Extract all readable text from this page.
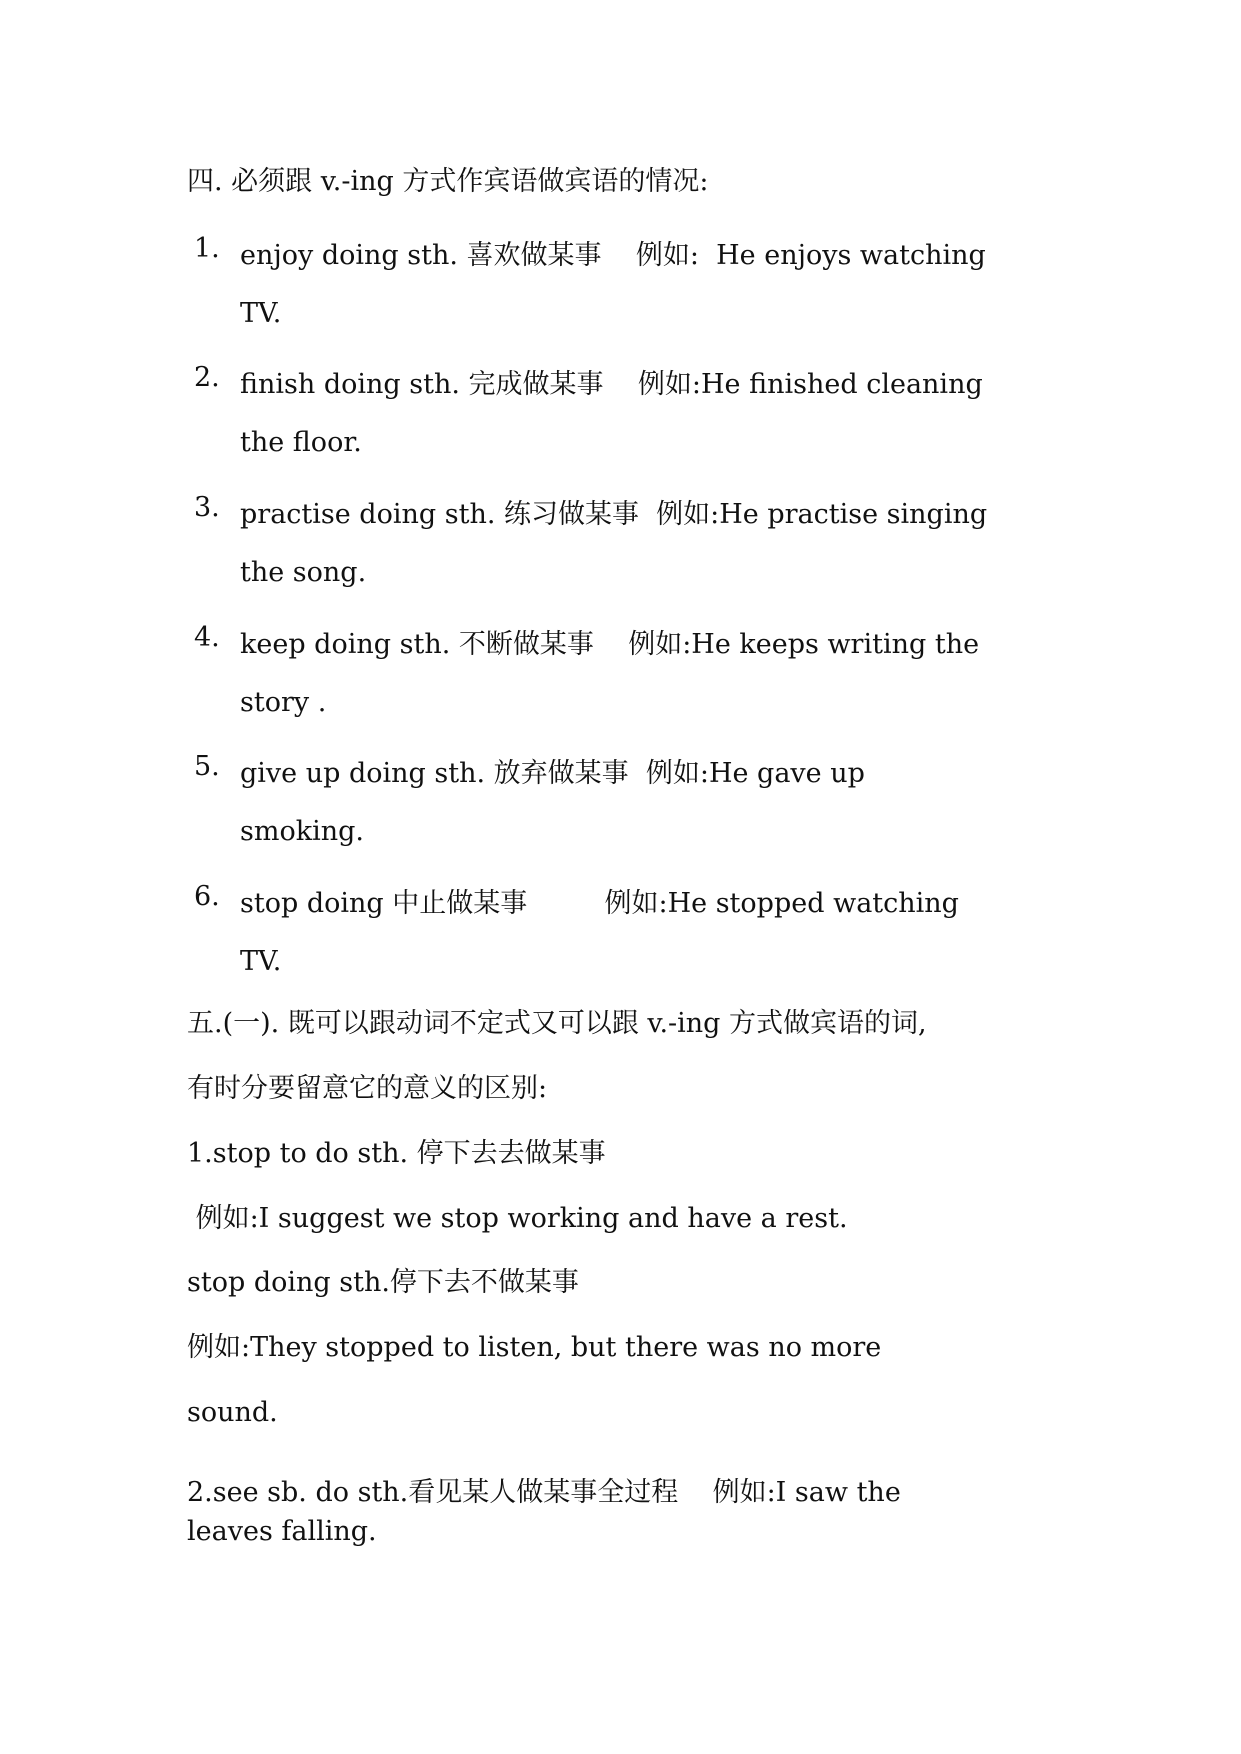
四. 必须跟 v.-ing 方式作宾语做宾语的情况:
1. enjoy doing sth. 喜欢做某事    例如:  He enjoys watching
TV.
2. finish doing sth. 完成做某事    例如:He finished cleaning
the floor.
3. practise doing sth. 练习做某事  例如:He practise singing
the song.
4. keep doing sth. 不断做某事    例如:He keeps writing the
story .
5. give up doing sth. 放弃做某事  例如:He gave up
smoking.
6. stop doing 中止做某事         例如:He stopped watching
TV.
五.(一). 既可以跟动词不定式又可以跟 v.-ing 方式做宾语的词,
有时分要留意它的意义的区别:
1.stop to do sth. 停下去去做某事
例如:I suggest we stop working and have a rest.
stop doing sth.停下去不做某事
例如:They stopped to listen, but there was no more
sound.
2.see sb. do sth.看见某人做某事全过程    例如:I saw the
leaves falling.
